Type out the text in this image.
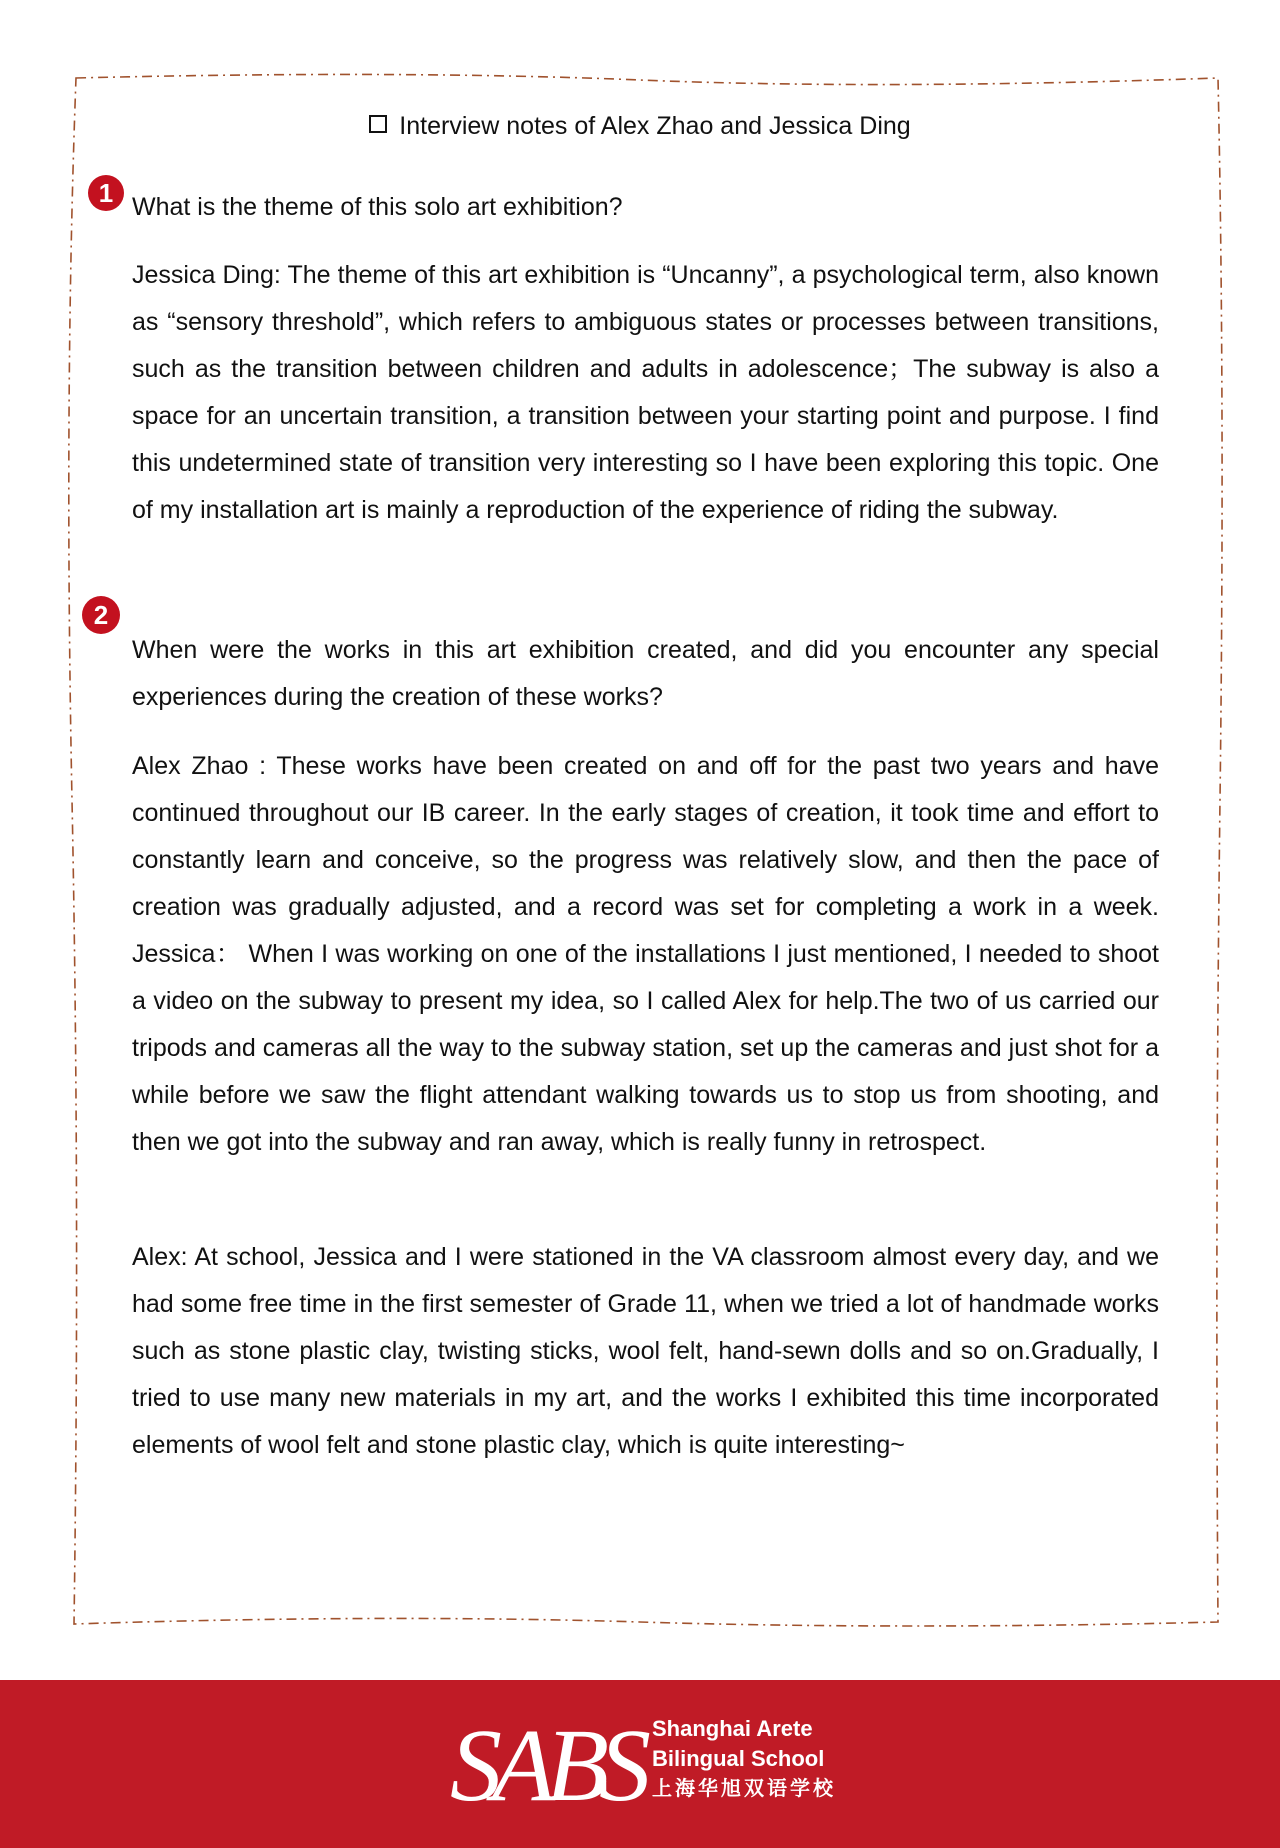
Interview notes of Alex Zhao and Jessica Ding
1 What is the theme of this solo art exhibition?

Jessica Ding: The theme of this art exhibition is “Uncanny”, a psychological term, also known as “sensory threshold”, which refers to ambiguous states or processes between transitions, such as the transition between children and adults in adolescence；The subway is also a space for an uncertain transition, a transition between your starting point and purpose. I find this undetermined state of transition very interesting so I have been exploring this topic. One of my installation art is mainly a reproduction of the experience of riding the subway.

2

When were the works in this art exhibition created, and did you encounter any special experiences during the creation of these works?

Alex Zhao : These works have been created on and off for the past two years and have continued throughout our IB career. In the early stages of creation, it took time and effort to constantly learn and conceive, so the progress was relatively slow, and then the pace of creation was gradually adjusted, and a record was set for completing a work in a week. Jessica： When I was working on one of the installations I just mentioned, I needed to shoot a video on the subway to present my idea, so I called Alex for help.The two of us carried our tripods and cameras all the way to the subway station, set up the cameras and just shot for a while before we saw the flight attendant walking towards us to stop us from shooting, and then we got into the subway and ran away, which is really funny in retrospect.

Alex: At school, Jessica and I were stationed in the VA classroom almost every day, and we had some free time in the first semester of Grade 11, when we tried a lot of handmade works such as stone plastic clay, twisting sticks, wool felt, hand-sewn dolls and so on.Gradually, I tried to use many new materials in my art, and the works I exhibited this time incorporated elements of wool felt and stone plastic clay, which is quite interesting~

SABS Shanghai Arete
Bilingual School
上海华旭双语学校
